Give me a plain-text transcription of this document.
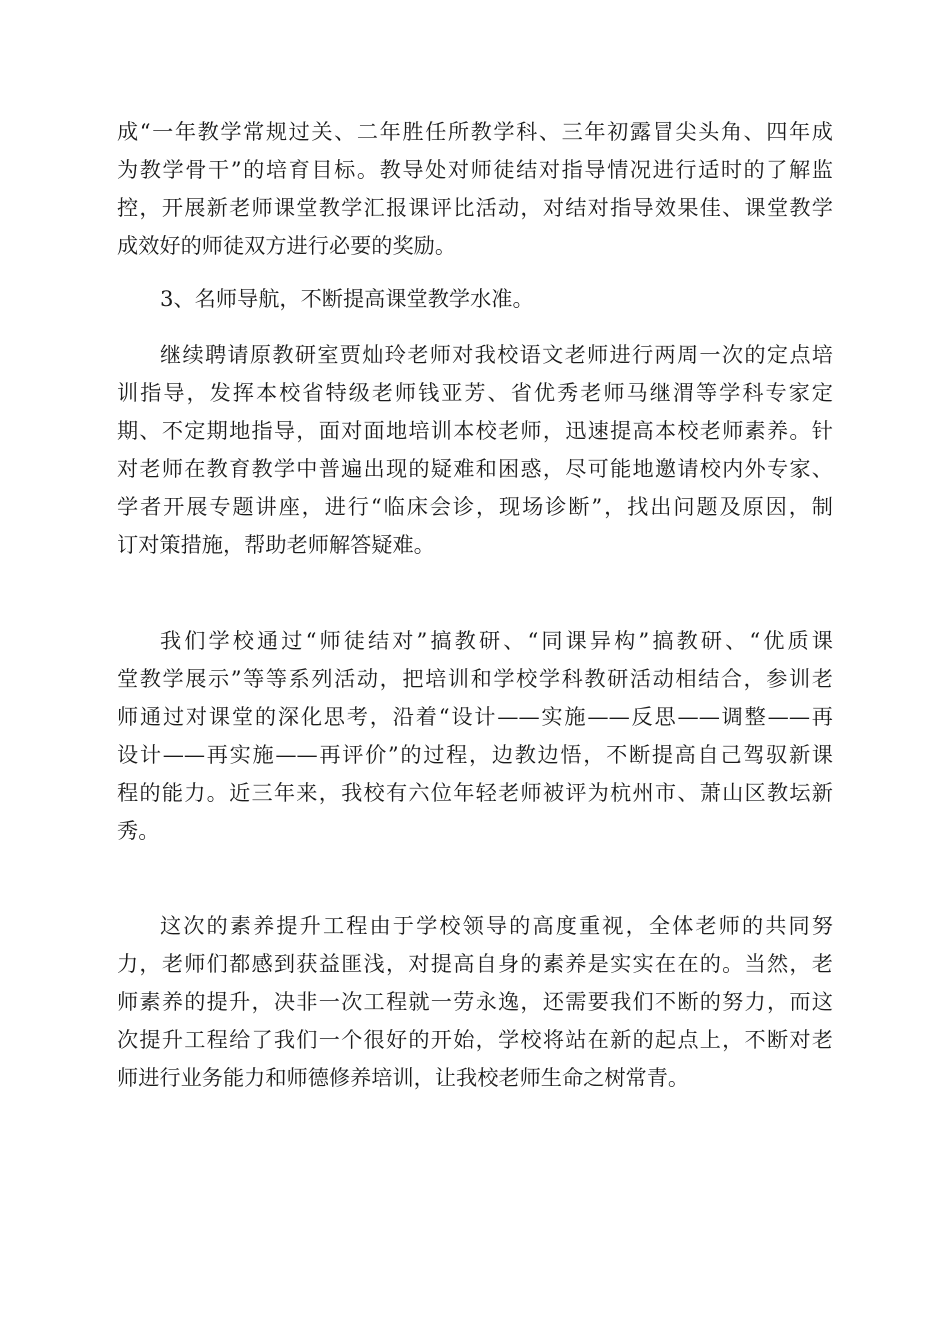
成“一年教学常规过关、二年胜任所教学科、三年初露冒尖头角、四年成
为教学骨干”的培育目标。教导处对师徒结对指导情况进行适时的了解监
控，开展新老师课堂教学汇报课评比活动，对结对指导效果佳、课堂教学
成效好的师徒双方进行必要的奖励。
3、名师导航，不断提高课堂教学水准。
继续聘请原教研室贾灿玲老师对我校语文老师进行两周一次的定点培
训指导，发挥本校省特级老师钱亚芳、省优秀老师马继渭等学科专家定
期、不定期地指导，面对面地培训本校老师，迅速提高本校老师素养。针
对老师在教育教学中普遍出现的疑难和困惑，尽可能地邀请校内外专家、
学者开展专题讲座，进行“临床会诊，现场诊断”，找出问题及原因，制
订对策措施，帮助老师解答疑难。
我们学校通过“师徒结对”搞教研、“同课异构”搞教研、“优质课
堂教学展示”等等系列活动，把培训和学校学科教研活动相结合，参训老
师通过对课堂的深化思考，沿着“设计——实施——反思——调整——再
设计——再实施——再评价”的过程，边教边悟，不断提高自己驾驭新课
程的能力。近三年来，我校有六位年轻老师被评为杭州市、萧山区教坛新
秀。
这次的素养提升工程由于学校领导的高度重视，全体老师的共同努
力，老师们都感到获益匪浅，对提高自身的素养是实实在在的。当然，老
师素养的提升，决非一次工程就一劳永逸，还需要我们不断的努力，而这
次提升工程给了我们一个很好的开始，学校将站在新的起点上，不断对老
师进行业务能力和师德修养培训，让我校老师生命之树常青。
